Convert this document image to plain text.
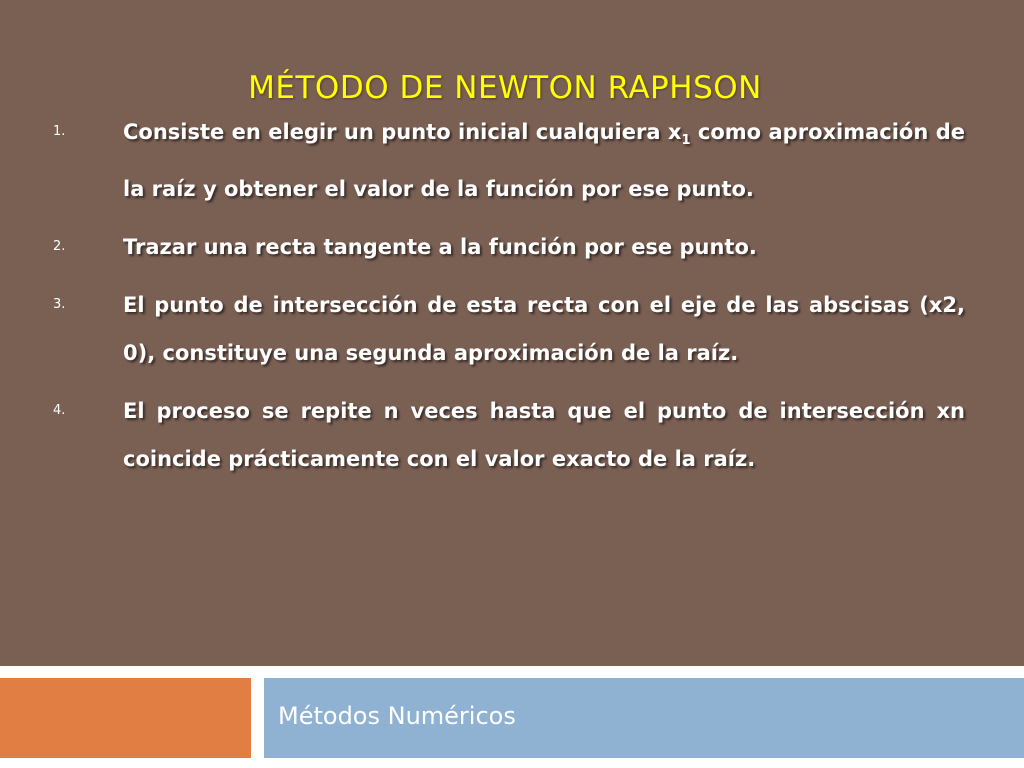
MÉTODO DE NEWTON RAPHSON
1.	Consiste en elegir un punto inicial cualquiera $x_1$ como aproximación de la raíz y obtener el valor de la función por ese punto.
2.	Trazar una recta tangente a la función por ese punto.
3.	El punto de intersección de esta recta con el eje de las abscisas (x2, 0), constituye una segunda aproximación de la raíz.
4.	El proceso se repite n veces hasta que el punto de intersección xn coincide prácticamente con el valor exacto de la raíz.
Métodos Numéricos
